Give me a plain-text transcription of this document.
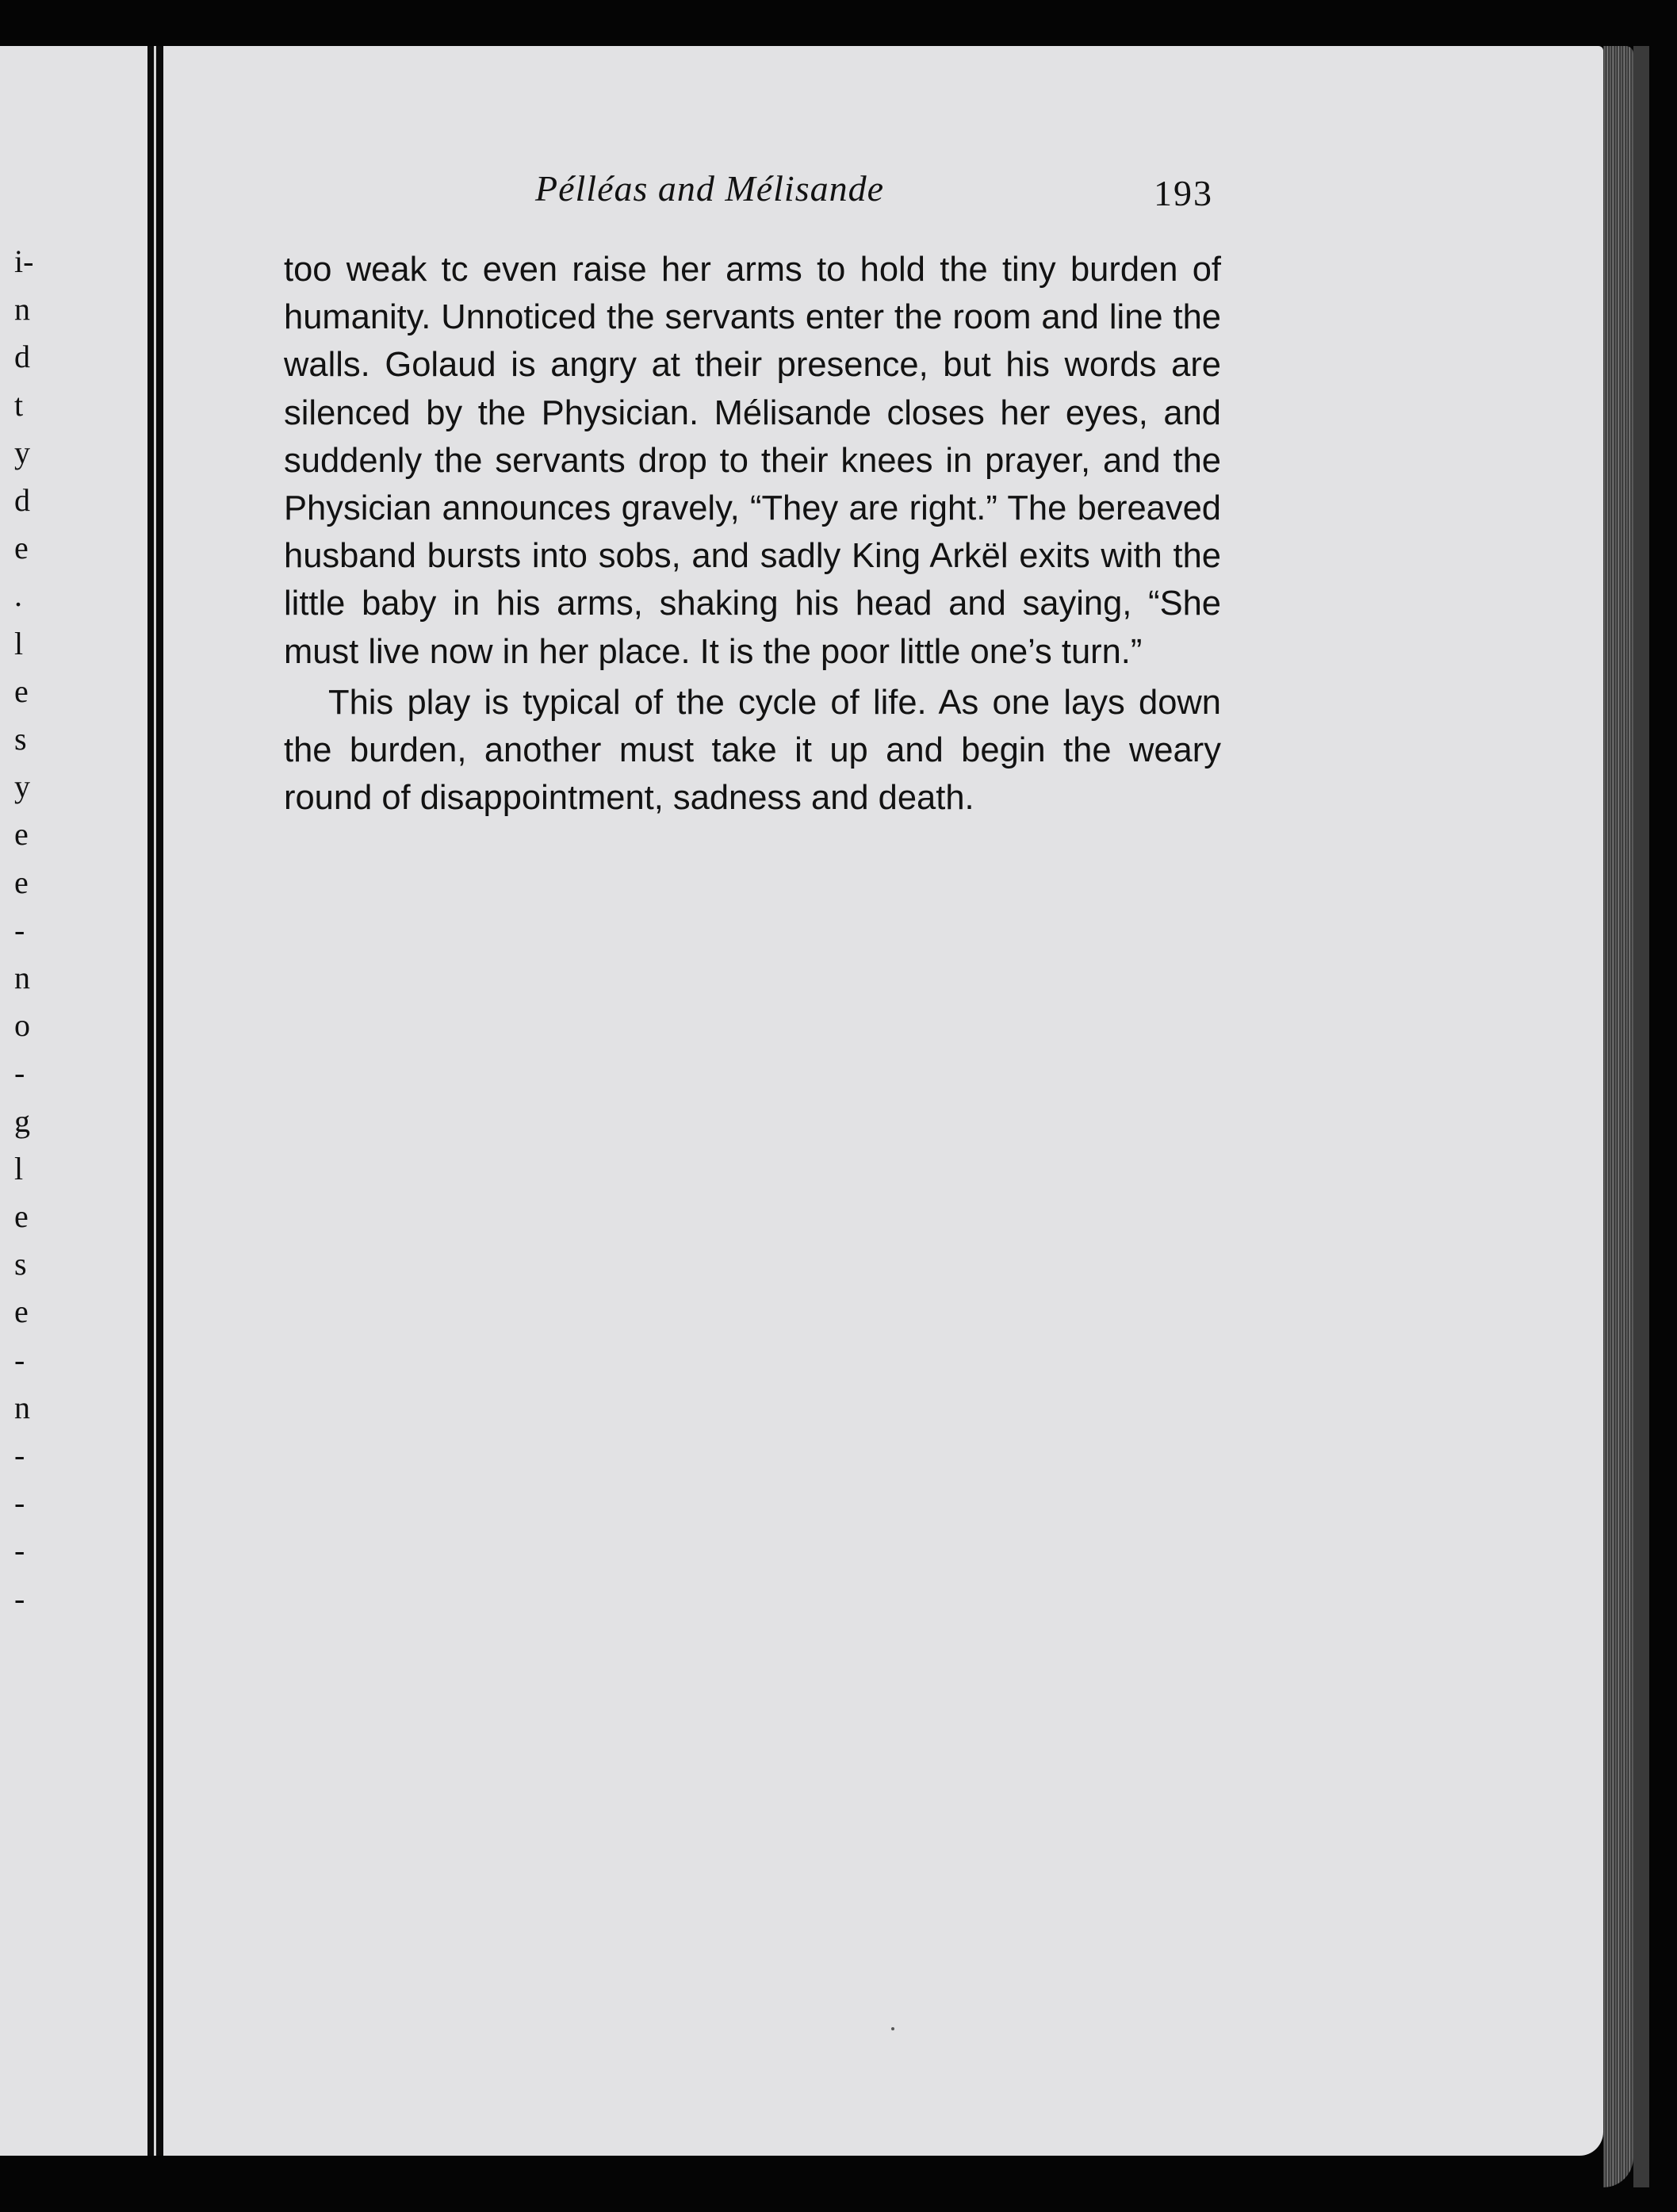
i-
n
d
t
y
d
e
.
l
e
s
y
e
e
-
n
o
-
g
l
e
s
e
-
n
-
-
-
-
Pélléas and Mélisande	193

too weak tc even raise her arms to hold the tiny burden of humanity. Unnoticed the servants enter the room and line the walls. Golaud is angry at their presence, but his words are silenced by the Physician. Mélisande closes her eyes, and suddenly the servants drop to their knees in prayer, and the Physician announces gravely, “They are right.” The bereaved husband bursts into sobs, and sadly King Arkël exits with the little baby in his arms, shaking his head and saying, “She must live now in her place. It is the poor little one’s turn.”

This play is typical of the cycle of life. As one lays down the burden, another must take it up and begin the weary round of disappointment, sadness and death.
